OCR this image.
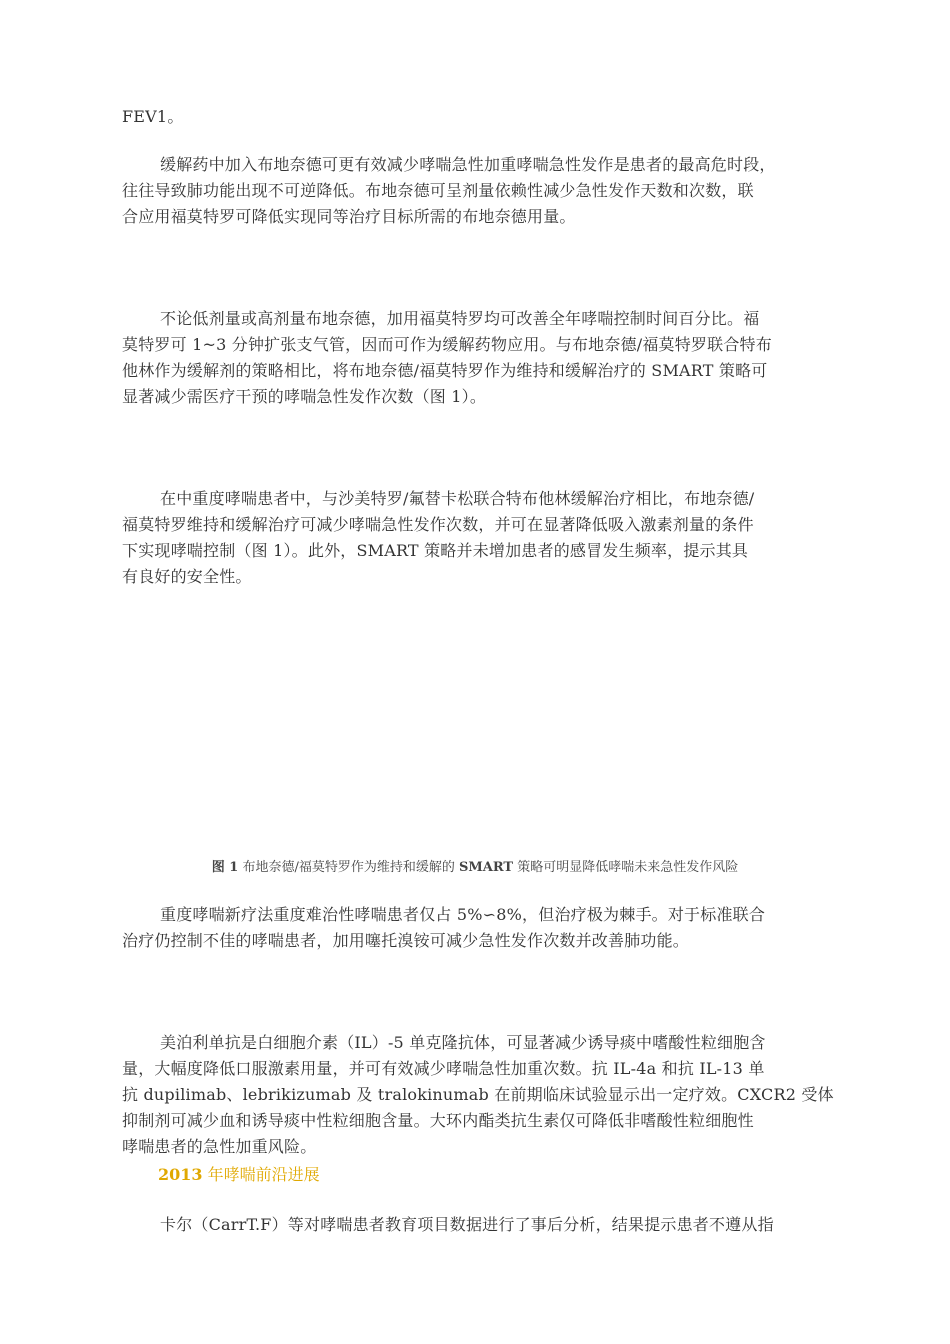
FEV1。
缓解药中加入布地奈德可更有效减少哮喘急性加重哮喘急性发作是患者的最高危时段，
往往导致肺功能出现不可逆降低。布地奈德可呈剂量依赖性减少急性发作天数和次数，联
合应用福莫特罗可降低实现同等治疗目标所需的布地奈德用量。
不论低剂量或高剂量布地奈德，加用福莫特罗均可改善全年哮喘控制时间百分比。福
莫特罗可 1~3 分钟扩张支气管，因而可作为缓解药物应用。与布地奈德/福莫特罗联合特布
他林作为缓解剂的策略相比，将布地奈德/福莫特罗作为维持和缓解治疗的 SMART 策略可
显著减少需医疗干预的哮喘急性发作次数（图 1）。
在中重度哮喘患者中，与沙美特罗/氟替卡松联合特布他林缓解治疗相比，布地奈德/
福莫特罗维持和缓解治疗可减少哮喘急性发作次数，并可在显著降低吸入激素剂量的条件
下实现哮喘控制（图 1）。此外，SMART 策略并未增加患者的感冒发生频率，提示其具
有良好的安全性。
图 1 布地奈德/福莫特罗作为维持和缓解的 SMART 策略可明显降低哮喘未来急性发作风险
重度哮喘新疗法重度难治性哮喘患者仅占 5%∽8%，但治疗极为棘手。对于标准联合
治疗仍控制不佳的哮喘患者，加用噻托溴铵可减少急性发作次数并改善肺功能。
美泊利单抗是白细胞介素（IL）-5 单克隆抗体，可显著减少诱导痰中嗜酸性粒细胞含
量，大幅度降低口服激素用量，并可有效减少哮喘急性加重次数。抗 IL-4a 和抗 IL-13 单
抗 dupilimab、lebrikizumab 及 tralokinumab 在前期临床试验显示出一定疗效。CXCR2 受体
抑制剂可减少血和诱导痰中性粒细胞含量。大环内酯类抗生素仅可降低非嗜酸性粒细胞性
哮喘患者的急性加重风险。
2013 年哮喘前沿进展
卡尔（CarrT.F）等对哮喘患者教育项目数据进行了事后分析，结果提示患者不遵从指
